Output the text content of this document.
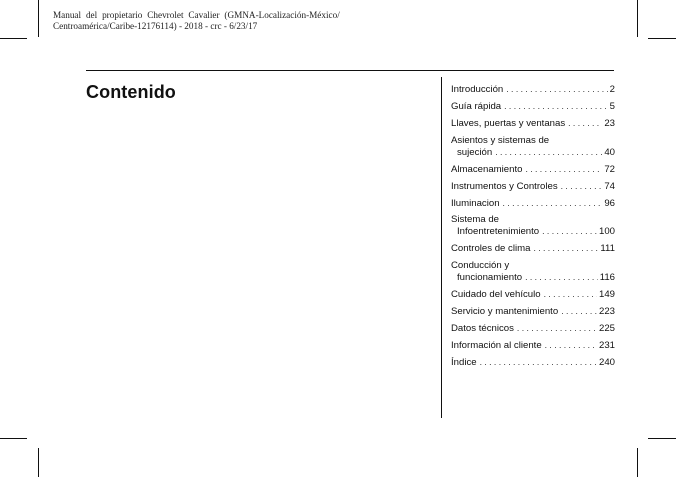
Manual del propietario Chevrolet Cavalier (GMNA-Localización-México/
Centroamérica/Caribe-12176114) - 2018 - crc - 6/23/17
Contenido	Introducción . . .	2
Guía rápida . . .	5
Llaves, puertas y ventanas . . .	23
Asientos y sistemas de
sujeción . . .	40
Almacenamiento . . .	72
Instrumentos y Controles . . .	74
Iluminacion . . .	96
Sistema de
Infoentretenimiento . . .	100
Controles de clima . . .	111
Conducción y
funcionamiento . . .	116
Cuidado del vehículo . . .	149
Servicio y mantenimiento . . .	223
Datos técnicos . . .	225
Información al cliente . . .	231
Índice . . .	240
